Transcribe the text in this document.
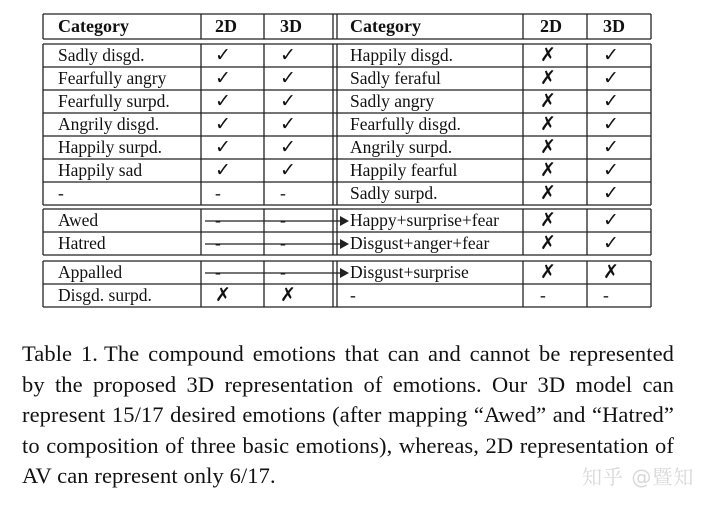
Category	2D 3D	Category	2D 3D
Sadly disgd.	✓	✓	Happily disgd.	✗ ✓
Fearfully angry	✓	✓	Sadly feraful	✗ ✓
Fearfully surpd. ✓	✓	Sadly angry	✗ ✓
Angrily disgd.	✓	✓	Fearfully disgd.	✗ ✓
Happily surpd.	✓	✓	Angrily surpd.	✗ ✓
Happily sad	✓	✓	Happily fearful	✗ ✓
-	-	-	Sadly surpd.	✗ ✓
Awed	-	-	Happy+surprise+fear ✗ ✓
Hatred	-	-	Disgust+anger+fear	✗ ✓
Appalled	-	-	Disgust+surprise	✗ ✗
Disgd. surpd.	✗	✗	-	-	-
Table 1. The compound emotions that can and cannot be represented by the proposed 3D representation of emotions. Our 3D model can represent 15/17 desired emotions (after mapping “Awed” and “Hatred” to composition of three basic emotions), whereas, 2D representation of AV can represent only 6/17.	知乎 @暨知
